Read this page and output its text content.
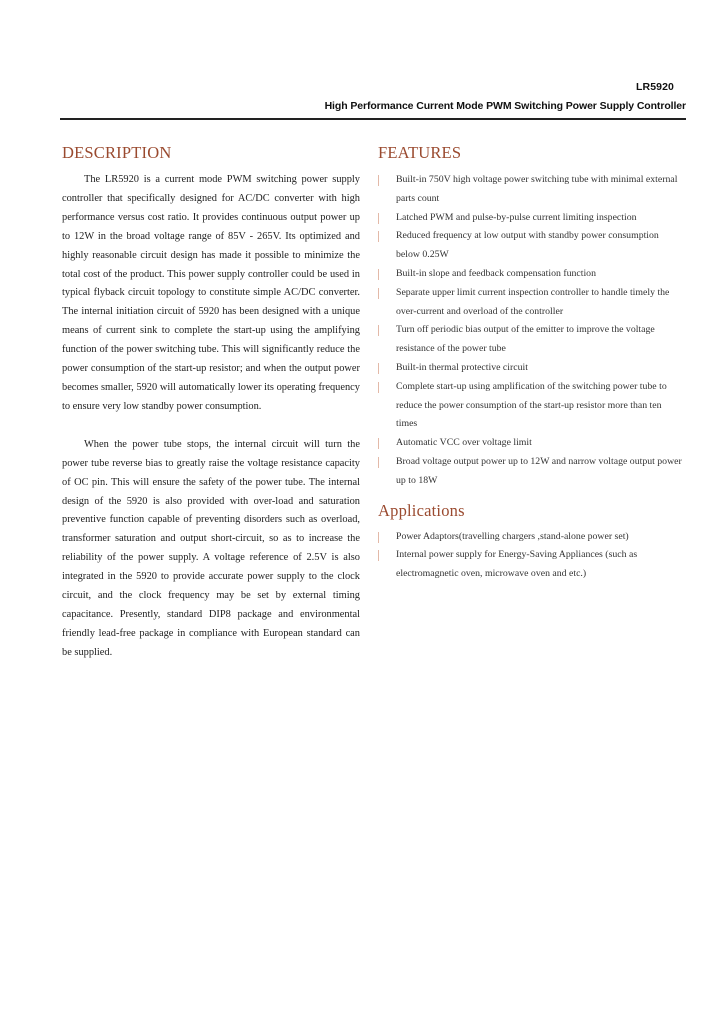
LR5920
High Performance Current Mode PWM Switching Power Supply Controller
DESCRIPTION

The LR5920 is a current mode PWM switching power supply controller that specifically designed for AC/DC converter with high performance versus cost ratio. It provides continuous output power up to 12W in the broad voltage range of 85V - 265V. Its optimized and highly reasonable circuit design has made it possible to minimize the total cost of the product. This power supply controller could be used in typical flyback circuit topology to constitute simple AC/DC converter. The internal initiation circuit of 5920 has been designed with a unique means of current sink to complete the start-up using the amplifying function of the power switching tube. This will significantly reduce the power consumption of the start-up resistor; and when the output power becomes smaller, 5920 will automatically lower its operating frequency to ensure very low standby power consumption.

When the power tube stops, the internal circuit will turn the power tube reverse bias to greatly raise the voltage resistance capacity of OC pin. This will ensure the safety of the power tube. The internal design of the 5920 is also provided with over-load and saturation preventive function capable of preventing disorders such as overload, transformer saturation and output short-circuit, so as to increase the reliability of the power supply. A voltage reference of 2.5V is also integrated in the 5920 to provide accurate power supply to the clock circuit, and the clock frequency may be set by external timing capacitance. Presently, standard DIP8 package and environmental friendly lead-free package in compliance with European standard can be supplied.

FEATURES
Built-in 750V high voltage power switching tube with minimal external parts count
Latched PWM and pulse-by-pulse current limiting inspection
Reduced frequency at low output with standby power consumption below 0.25W
Built-in slope and feedback compensation function
Separate upper limit current inspection controller to handle timely the over-current and overload of the controller
Turn off periodic bias output of the emitter to improve the voltage resistance of the power tube
Built-in thermal protective circuit
Complete start-up using amplification of the switching power tube to reduce the power consumption of the start-up resistor more than ten times
Automatic VCC over voltage limit
Broad voltage output power up to 12W and narrow voltage output power up to 18W
Applications
Power Adaptors(travelling chargers ,stand-alone power set)
Internal power supply for Energy-Saving Appliances (such as electromagnetic oven, microwave oven and etc.)
